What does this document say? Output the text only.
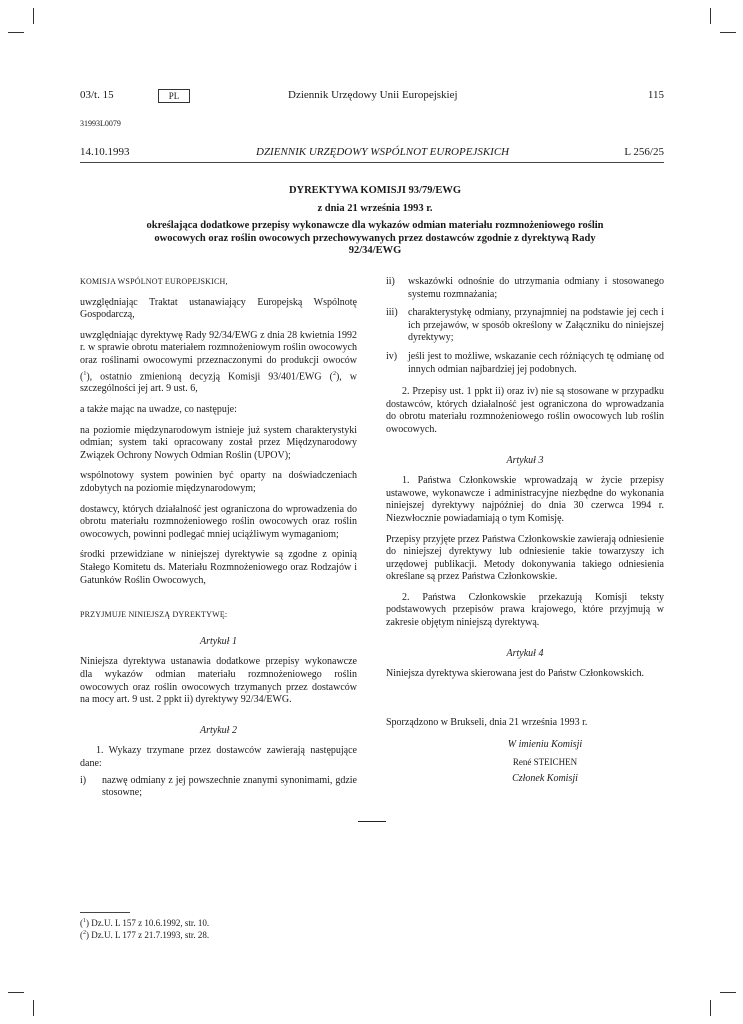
03/t. 15	PL	Dziennik Urzędowy Unii Europejskiej	115
31993L0079
14.10.1993	DZIENNIK URZĘDOWY WSPÓLNOT EUROPEJSKICH	L 256/25
DYREKTYWA KOMISJI 93/79/EWG
z dnia 21 września 1993 r.
określająca dodatkowe przepisy wykonawcze dla wykazów odmian materiału rozmnożeniowego roślin owocowych oraz roślin owocowych przechowywanych przez dostawców zgodnie z dyrektywą Rady 92/34/EWG

KOMISJA WSPÓLNOT EUROPEJSKICH,

uwzględniając Traktat ustanawiający Europejską Wspólnotę Gospodarczą,

uwzględniając dyrektywę Rady 92/34/EWG z dnia 28 kwietnia 1992 r. w sprawie obrotu materiałem rozmnożeniowym roślin owocowych oraz roślinami owocowymi przeznaczonymi do produkcji owoców ($^1$), ostatnio zmienioną decyzją Komisji 93/401/EWG ($^2$), w szczególności jej art. 9 ust. 6,

a także mając na uwadze, co następuje:

na poziomie międzynarodowym istnieje już system charakterystyki odmian; system taki opracowany został przez Międzynarodowy Związek Ochrony Nowych Odmian Roślin (UPOV);

wspólnotowy system powinien być oparty na doświadczeniach zdobytych na poziomie międzynarodowym;

dostawcy, których działalność jest ograniczona do wprowadzenia do obrotu materiału rozmnożeniowego roślin owocowych oraz roślin owocowych, powinni podlegać mniej uciążliwym wymaganiom;

środki przewidziane w niniejszej dyrektywie są zgodne z opinią Stałego Komitetu ds. Materiału Rozmnożeniowego oraz Rodzajów i Gatunków Roślin Owocowych,

PRZYJMUJE NINIEJSZĄ DYREKTYWĘ:

Artykuł 1

Niniejsza dyrektywa ustanawia dodatkowe przepisy wykonawcze dla wykazów odmian materiału rozmnożeniowego roślin owocowych oraz roślin owocowych trzymanych przez dostawców na mocy art. 9 ust. 2 ppkt ii) dyrektywy 92/34/EWG.

Artykuł 2

1. Wykazy trzymane przez dostawców zawierają następujące dane:

i)	nazwę odmiany z jej powszechnie znanymi synonimami, gdzie stosowne;
ii)	wskazówki odnośnie do utrzymania odmiany i stosowanego systemu rozmnażania;
iii)	charakterystykę odmiany, przynajmniej na podstawie jej cech i ich przejawów, w sposób określony w Załączniku do niniejszej dyrektywy;
iv)	jeśli jest to możliwe, wskazanie cech różniących tę odmianę od innych odmian najbardziej jej podobnych.

2. Przepisy ust. 1 ppkt ii) oraz iv) nie są stosowane w przypadku dostawców, których działalność jest ograniczona do wprowadzania do obrotu materiału rozmnożeniowego roślin owocowych lub roślin owocowych.

Artykuł 3

1. Państwa Członkowskie wprowadzają w życie przepisy ustawowe, wykonawcze i administracyjne niezbędne do wykonania niniejszej dyrektywy najpóźniej do dnia 30 czerwca 1994 r. Niezwłocznie powiadamiają o tym Komisję.

Przepisy przyjęte przez Państwa Członkowskie zawierają odniesienie do niniejszej dyrektywy lub odniesienie takie towarzyszy ich urzędowej publikacji. Metody dokonywania takiego odniesienia określane są przez Państwa Członkowskie.

2. Państwa Członkowskie przekazują Komisji teksty podstawowych przepisów prawa krajowego, które przyjmują w zakresie objętym niniejszą dyrektywą.

Artykuł 4

Niniejsza dyrektywa skierowana jest do Państw Członkowskich.

Sporządzono w Brukseli, dnia 21 września 1993 r.

W imieniu Komisji
René STEICHEN
Członek Komisji
($^1$) Dz.U. L 157 z 10.6.1992, str. 10.
($^2$) Dz.U. L 177 z 21.7.1993, str. 28.
